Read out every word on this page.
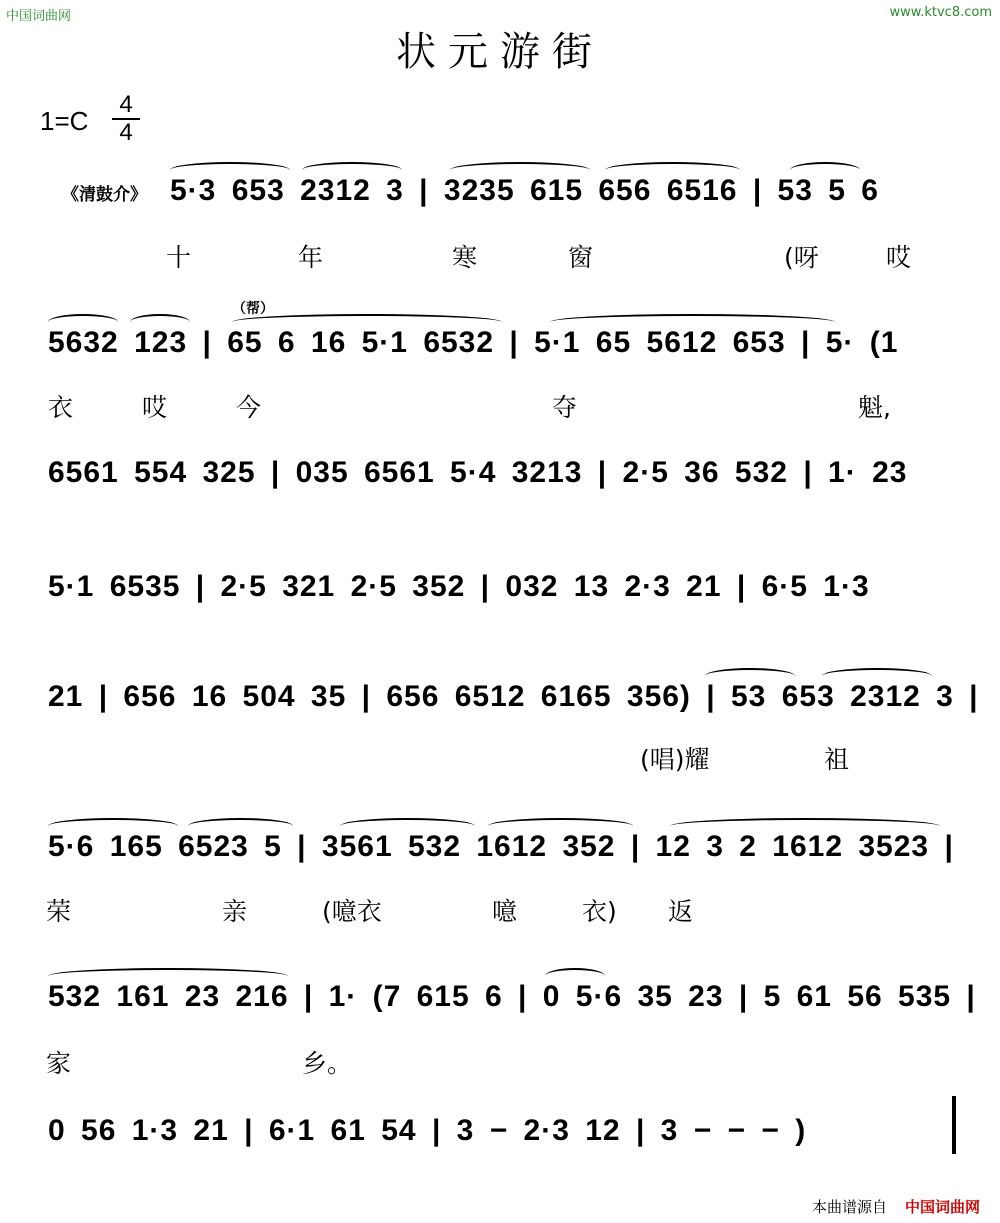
中国词曲网	www.ktvc8.com
状元游街
1=C
4
4
《清鼓介》 5·3 653 2312 3 | 3235 615 656 6516 | 53 5 6
十	年	寒	窗	(呀	哎
（帮）
5632 123 | 65 6 16 5·1 6532 | 5·1 65 5612 653 | 5· (1
衣	哎	今	夺	魁,
6561 554 325 | 035 6561 5·4 3213 | 2·5 36 532 | 1· 23
5·1 6535 | 2·5 321 2·5 352 | 032 13 2·3 21 | 6·5 1·3
21 | 656 16 504 35 | 656 6512 6165 356) | 53 653 2312 3 |
(唱)耀	祖
5·6 165 6523 5 | 3561 532 1612 352 | 12 3 2 1612 3523 |
荣	亲	(噫衣	噫	衣) 返
532 161 23 216 | 1· (7 615 6 | 0 5·6 35 23 | 5 61 56 535 |
家	乡。
0 56 1·3 21 | 6·1 61 54 | 3 − 2·3 12 | 3 − − − )
本曲谱源自 中国词曲网
